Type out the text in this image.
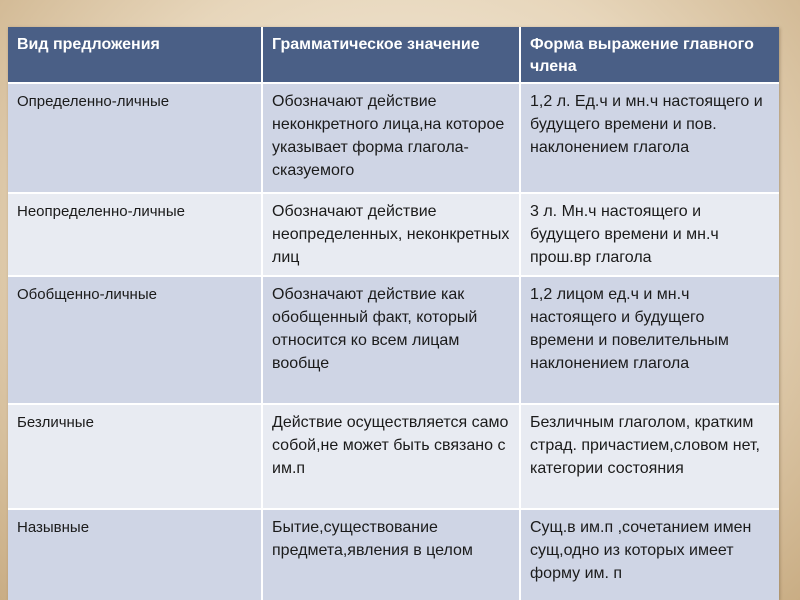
Вид предложения	Грамматическое значение	Форма выражение главного члена
Определенно-личные	Обозначают действие неконкретного лица,на которое указывает форма глагола-сказуемого	1,2 л. Ед.ч и мн.ч настоящего и будущего времени и пов. наклонением глагола
Неопределенно-личные	Обозначают действие неопределенных, неконкретных лиц	3 л. Мн.ч настоящего и будущего времени и мн.ч прош.вр глагола
Обобщенно-личные	Обозначают действие как обобщенный факт, который относится ко всем лицам вообще	1,2 лицом ед.ч и мн.ч настоящего и будущего времени и повелительным наклонением глагола
Безличные	Действие осуществляется само собой,не может быть связано с им.п	Безличным глаголом, кратким страд. причастием,словом нет, категории состояния
Назывные	Бытие,существование предмета,явления в целом	Сущ.в им.п ,сочетанием имен сущ,одно из которых имеет форму им. п
